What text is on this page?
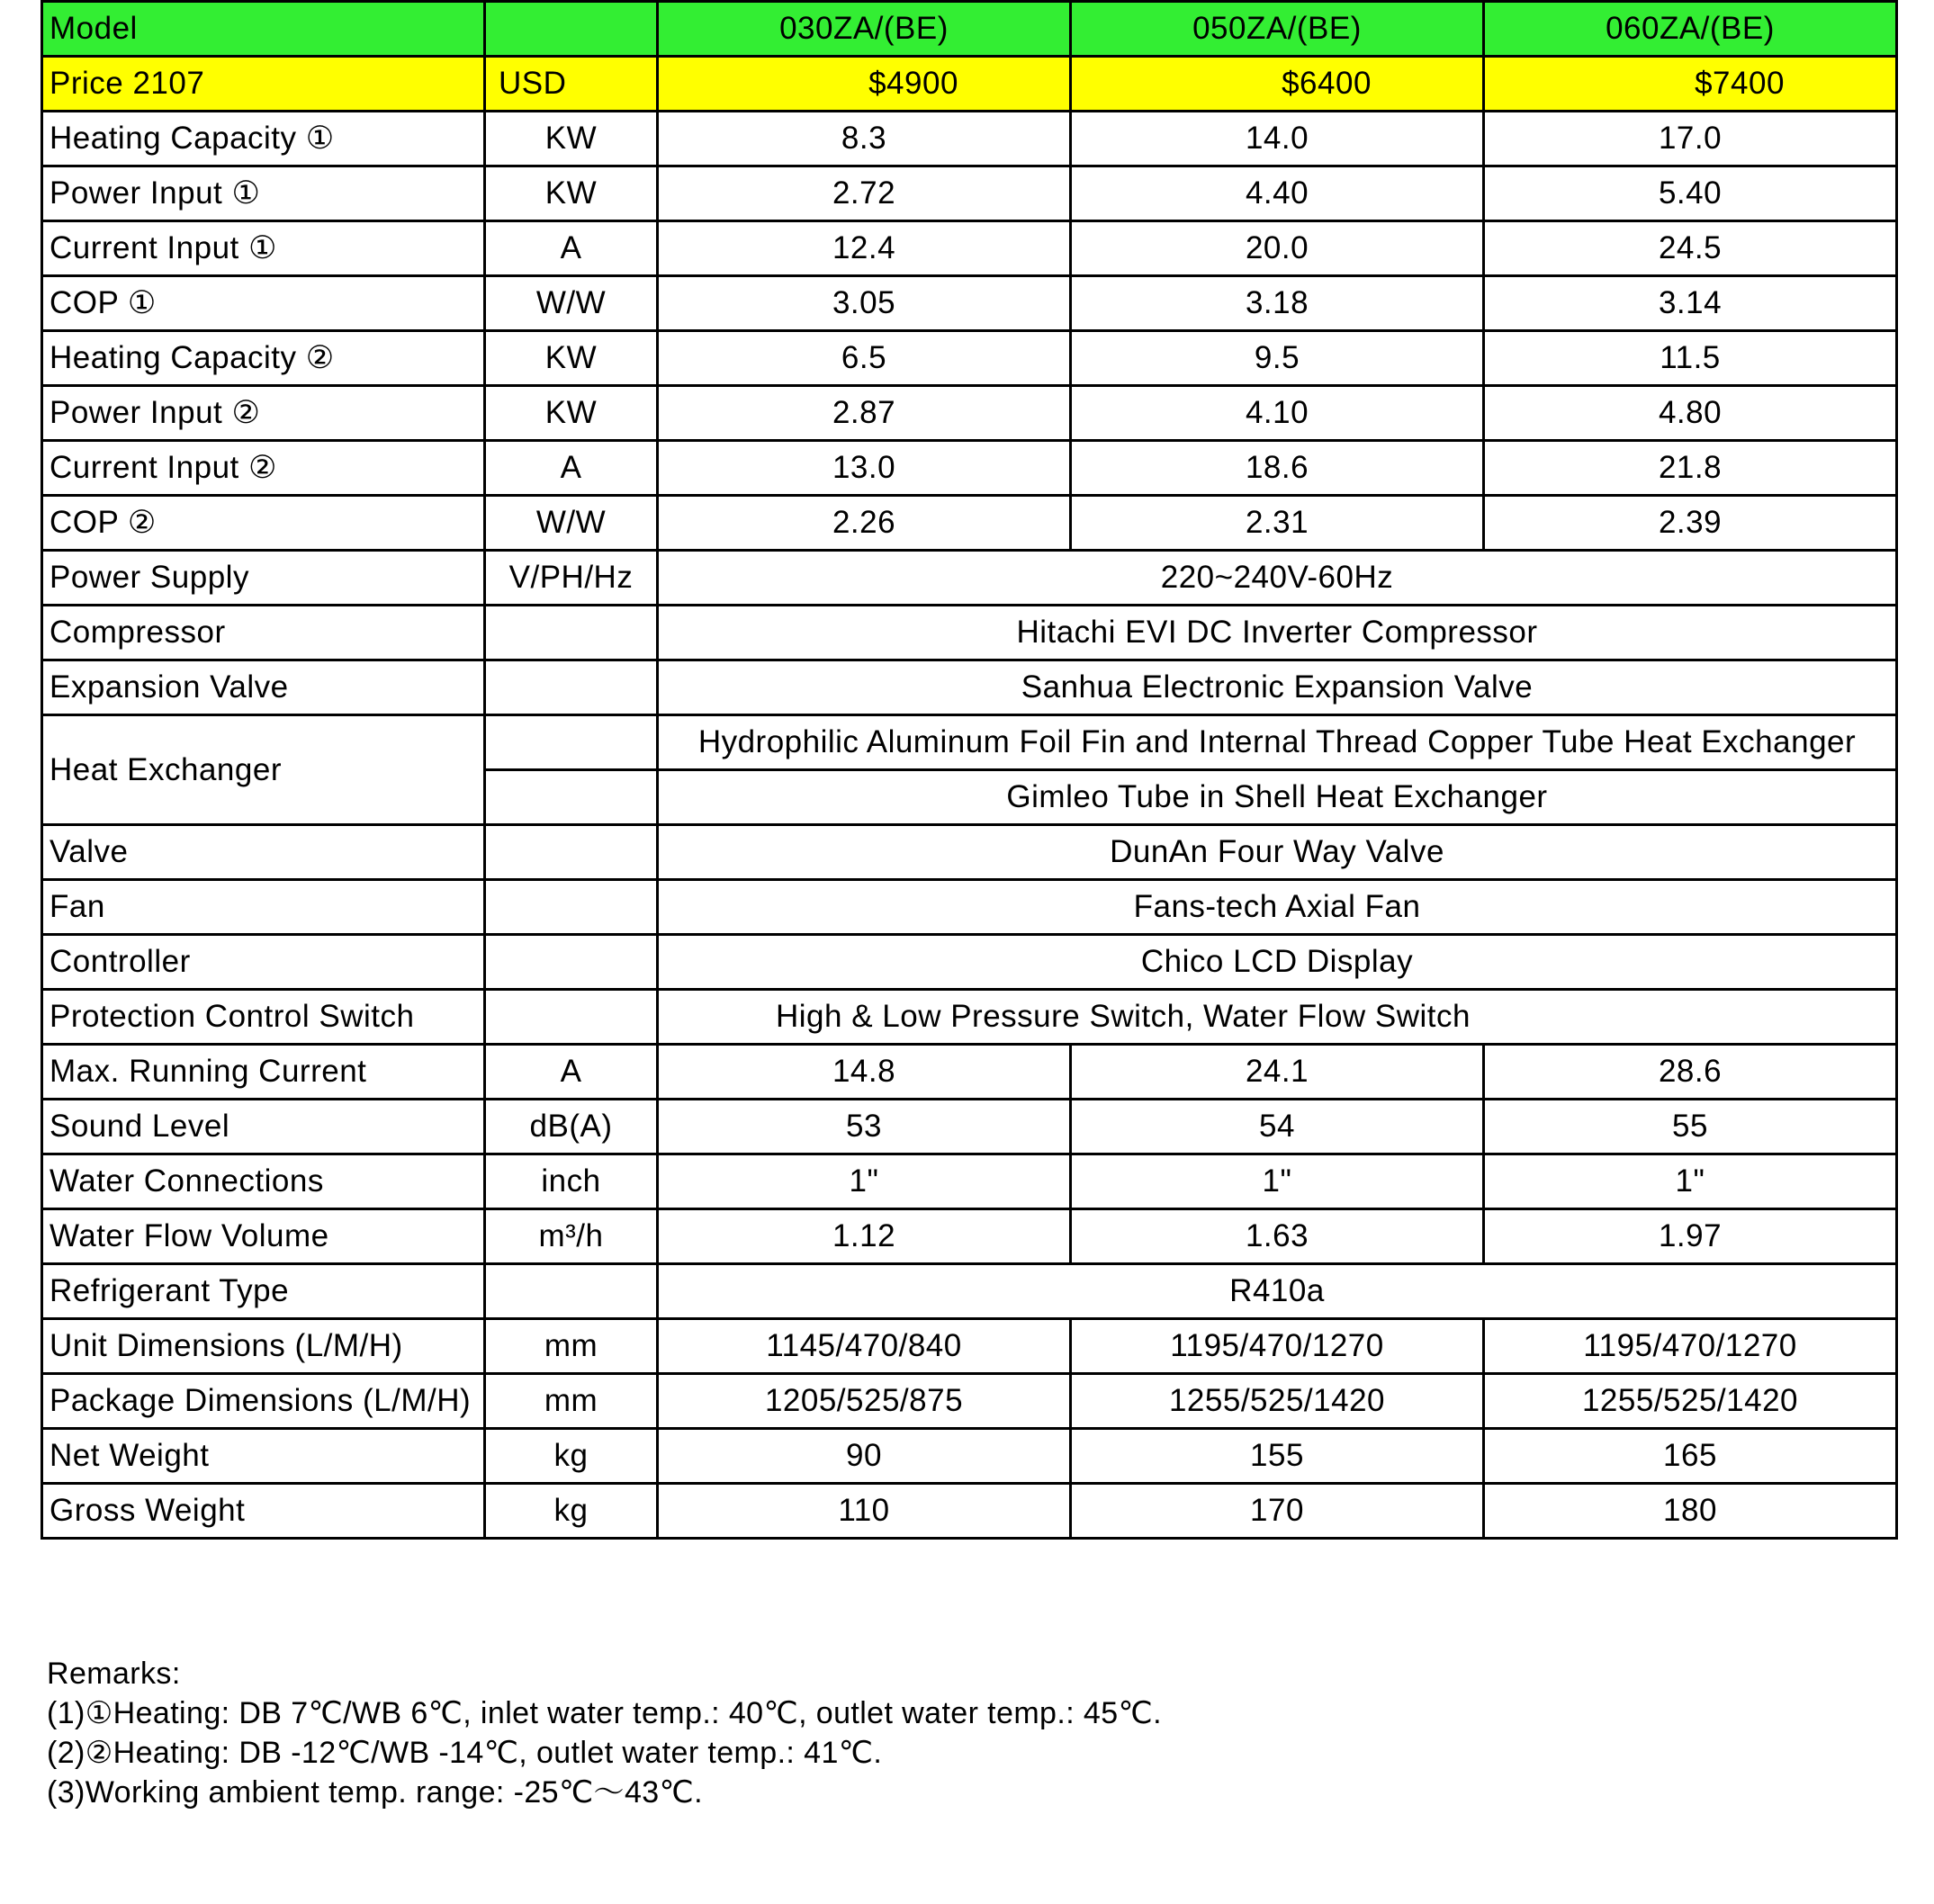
Model		030ZA/(BE)	050ZA/(BE)	060ZA/(BE)
Price 2107	USD	$4900	$6400	$7400
Heating Capacity ①	KW	8.3	14.0	17.0
Power Input ①	KW	2.72	4.40	5.40
Current Input ①	A	12.4	20.0	24.5
COP ①	W/W	3.05	3.18	3.14
Heating Capacity ②	KW	6.5	9.5	11.5
Power Input ②	KW	2.87	4.10	4.80
Current Input ②	A	13.0	18.6	21.8
COP ②	W/W	2.26	2.31	2.39
Power Supply	V/PH/Hz	220~240V-60Hz		
Compressor		Hitachi EVI DC Inverter Compressor		
Expansion Valve		Sanhua Electronic Expansion Valve		
Heat Exchanger		Hydrophilic Aluminum Foil Fin and Internal Thread Copper Tube Heat Exchanger		
		Gimleo Tube in Shell Heat Exchanger		
Valve		DunAn Four Way Valve		
Fan		Fans-tech Axial Fan		
Controller		Chico LCD Display		
Protection Control Switch		High & Low Pressure Switch, Water Flow Switch		
Max. Running Current	A	14.8	24.1	28.6
Sound Level	dB(A)	53	54	55
Water Connections	inch	1"	1"	1"
Water Flow Volume	m³/h	1.12	1.63	1.97
Refrigerant Type		R410a		
Unit Dimensions (L/M/H)	mm	1145/470/840	1195/470/1270	1195/470/1270
Package Dimensions (L/M/H)	mm	1205/525/875	1255/525/1420	1255/525/1420
Net Weight	kg	90	155	165
Gross Weight	kg	110	170	180
Remarks:
(1)①Heating: DB 7℃/WB 6℃, inlet water temp.: 40℃, outlet water temp.: 45℃.
(2)②Heating: DB -12℃/WB -14℃, outlet water temp.: 41℃.
(3)Working ambient temp. range: -25℃～43℃.
